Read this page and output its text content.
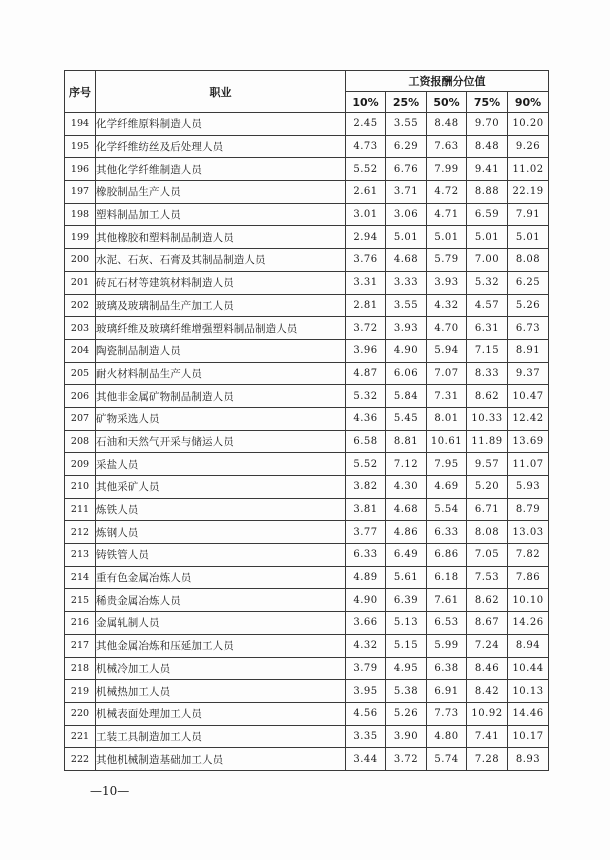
序号	职业	工资报酬分位值				
		10%	25%	50%	75%	90%
194	化学纤维原料制造人员	2.45	3.55	8.48	9.70	10.20
195	化学纤维纺丝及后处理人员	4.73	6.29	7.63	8.48	9.26
196	其他化学纤维制造人员	5.52	6.76	7.99	9.41	11.02
197	橡胶制品生产人员	2.61	3.71	4.72	8.88	22.19
198	塑料制品加工人员	3.01	3.06	4.71	6.59	7.91
199	其他橡胶和塑料制品制造人员	2.94	5.01	5.01	5.01	5.01
200	水泥、石灰、石膏及其制品制造人员	3.76	4.68	5.79	7.00	8.08
201	砖瓦石材等建筑材料制造人员	3.31	3.33	3.93	5.32	6.25
202	玻璃及玻璃制品生产加工人员	2.81	3.55	4.32	4.57	5.26
203	玻璃纤维及玻璃纤维增强塑料制品制造人员	3.72	3.93	4.70	6.31	6.73
204	陶瓷制品制造人员	3.96	4.90	5.94	7.15	8.91
205	耐火材料制品生产人员	4.87	6.06	7.07	8.33	9.37
206	其他非金属矿物制品制造人员	5.32	5.84	7.31	8.62	10.47
207	矿物采选人员	4.36	5.45	8.01	10.33	12.42
208	石油和天然气开采与储运人员	6.58	8.81	10.61	11.89	13.69
209	采盐人员	5.52	7.12	7.95	9.57	11.07
210	其他采矿人员	3.82	4.30	4.69	5.20	5.93
211	炼铁人员	3.81	4.68	5.54	6.71	8.79
212	炼钢人员	3.77	4.86	6.33	8.08	13.03
213	铸铁管人员	6.33	6.49	6.86	7.05	7.82
214	重有色金属冶炼人员	4.89	5.61	6.18	7.53	7.86
215	稀贵金属冶炼人员	4.90	6.39	7.61	8.62	10.10
216	金属轧制人员	3.66	5.13	6.53	8.67	14.26
217	其他金属冶炼和压延加工人员	4.32	5.15	5.99	7.24	8.94
218	机械冷加工人员	3.79	4.95	6.38	8.46	10.44
219	机械热加工人员	3.95	5.38	6.91	8.42	10.13
220	机械表面处理加工人员	4.56	5.26	7.73	10.92	14.46
221	工装工具制造加工人员	3.35	3.90	4.80	7.41	10.17
222	其他机械制造基础加工人员	3.44	3.72	5.74	7.28	8.93
—10—
